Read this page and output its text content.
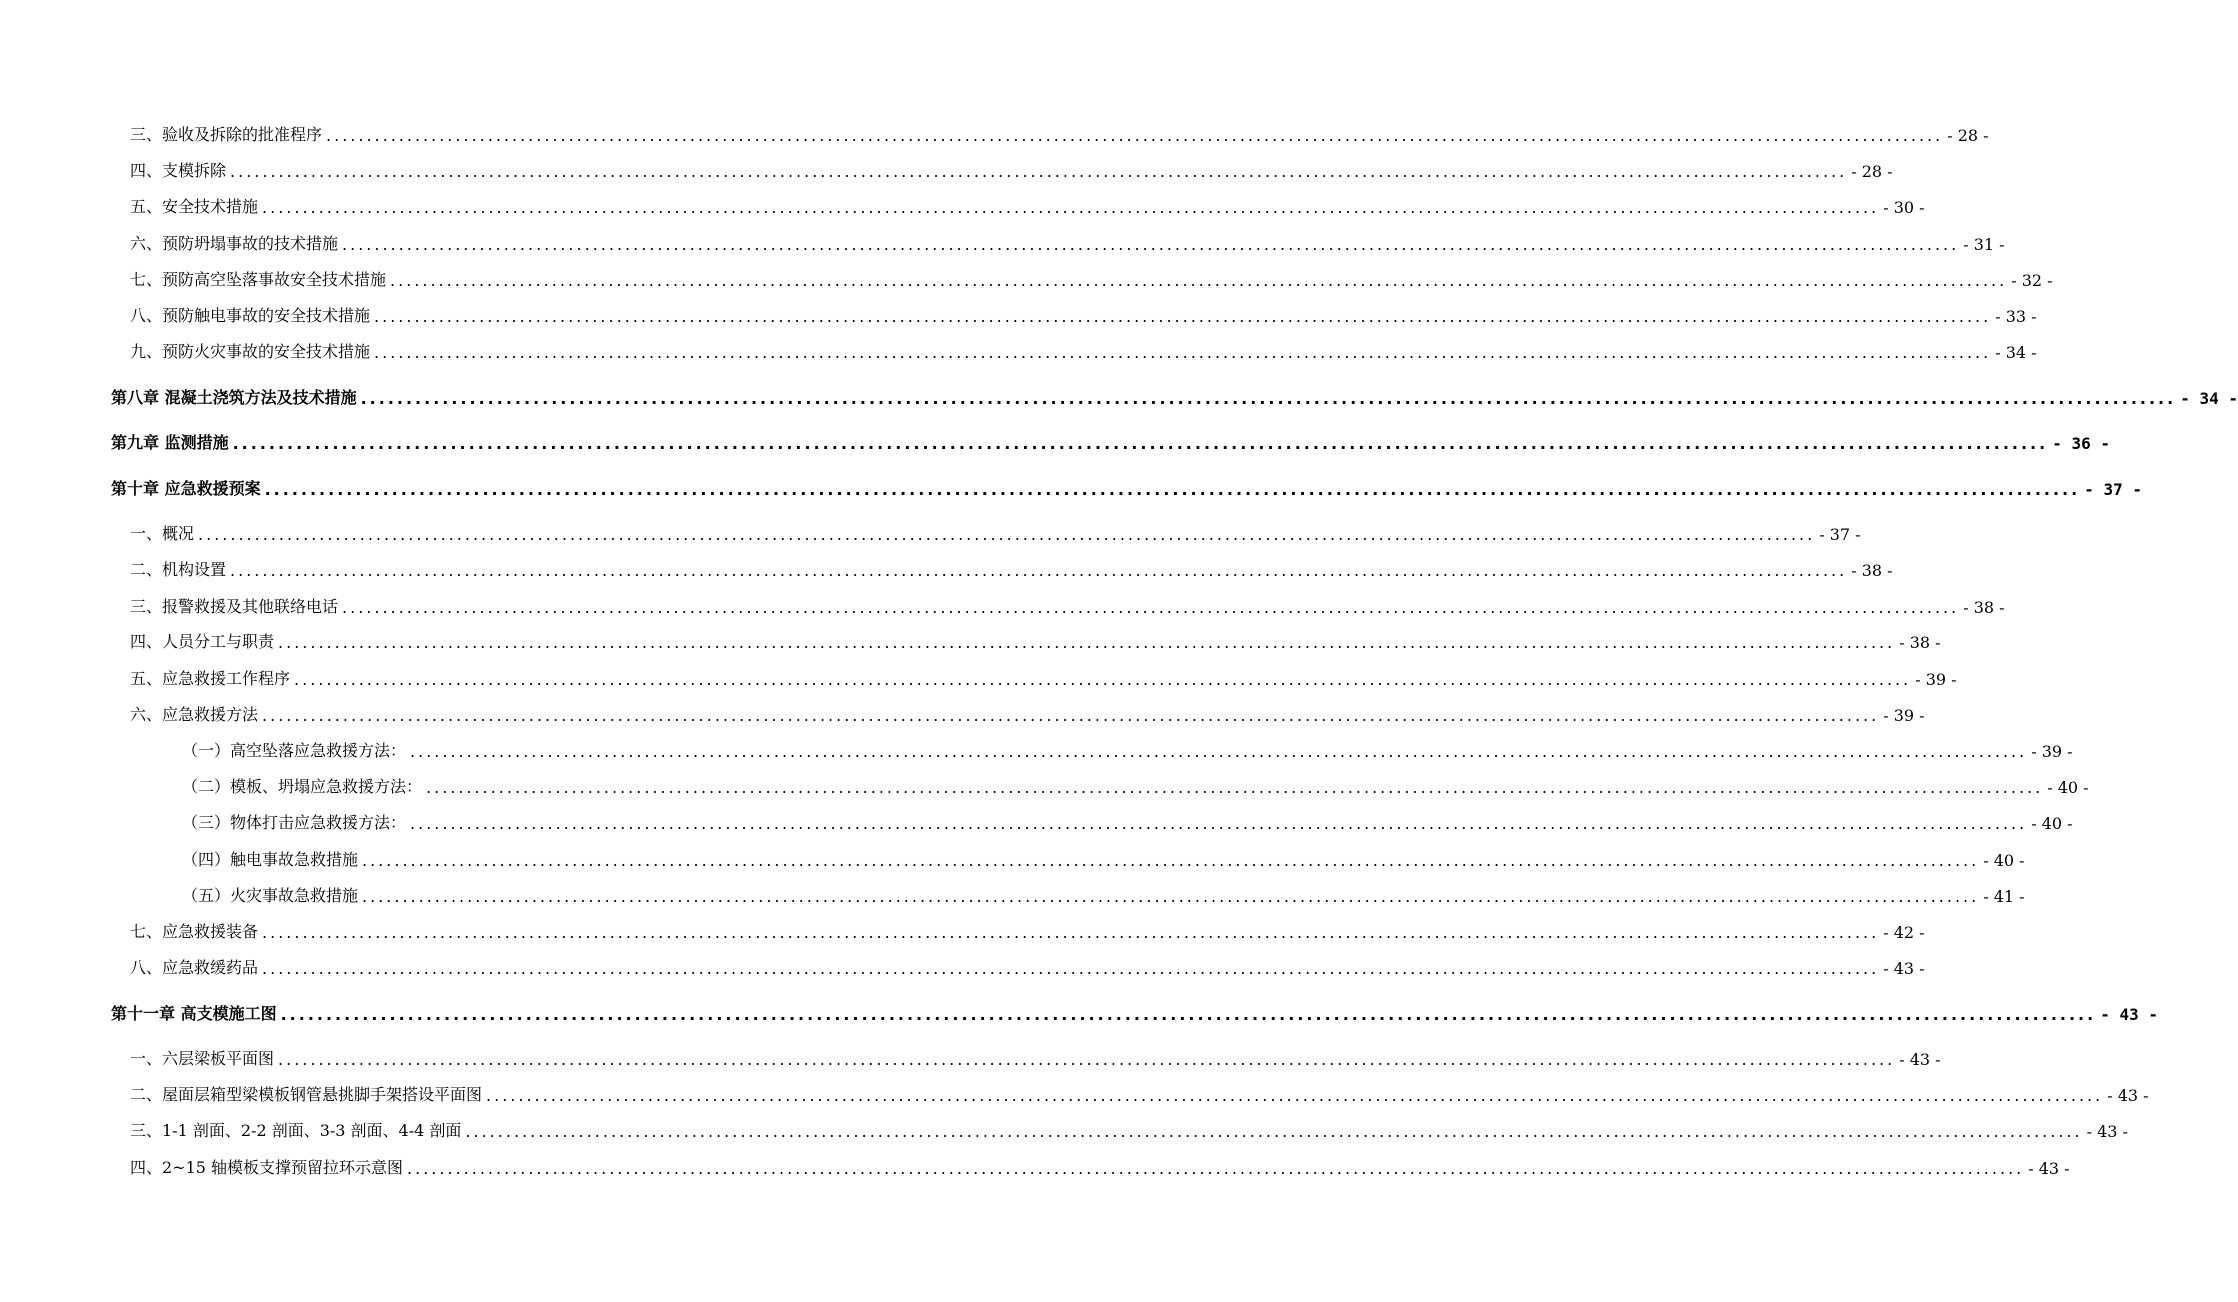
三、验收及拆除的批准程序 ........................................................................................................................................................................................................ - 28 -
四、支模拆除 ........................................................................................................................................................................................................ - 28 -
五、安全技术措施 ........................................................................................................................................................................................................ - 30 -
六、预防坍塌事故的技术措施 ........................................................................................................................................................................................................ - 31 -
七、预防高空坠落事故安全技术措施 ........................................................................................................................................................................................................ - 32 -
八、预防触电事故的安全技术措施 ........................................................................................................................................................................................................ - 33 -
九、预防火灾事故的安全技术措施 ........................................................................................................................................................................................................ - 34 -
第八章 混凝土浇筑方法及技术措施 ........................................................................................................................................................................................................ - 34 -
第九章 监测措施 ........................................................................................................................................................................................................ - 36 -
第十章 应急救援预案 ........................................................................................................................................................................................................ - 37 -
一、概况 ........................................................................................................................................................................................................ - 37 -
二、机构设置 ........................................................................................................................................................................................................ - 38 -
三、报警救援及其他联络电话 ........................................................................................................................................................................................................ - 38 -
四、人员分工与职责 ........................................................................................................................................................................................................ - 38 -
五、应急救援工作程序 ........................................................................................................................................................................................................ - 39 -
六、应急救援方法 ........................................................................................................................................................................................................ - 39 -
（一）高空坠落应急救援方法： ........................................................................................................................................................................................................ - 39 -
（二）模板、坍塌应急救援方法： ........................................................................................................................................................................................................ - 40 -
（三）物体打击应急救援方法： ........................................................................................................................................................................................................ - 40 -
（四）触电事故急救措施 ........................................................................................................................................................................................................ - 40 -
（五）火灾事故急救措施 ........................................................................................................................................................................................................ - 41 -
七、应急救援装备 ........................................................................................................................................................................................................ - 42 -
八、应急救缓药品 ........................................................................................................................................................................................................ - 43 -
第十一章 高支模施工图 ........................................................................................................................................................................................................ - 43 -
一、六层梁板平面图 ........................................................................................................................................................................................................ - 43 -
二、屋面层箱型梁模板钢管悬挑脚手架搭设平面图 ........................................................................................................................................................................................................ - 43 -
三、1-1 剖面、2-2 剖面、3-3 剖面、4-4 剖面 ........................................................................................................................................................................................................ - 43 -
四、2~15 轴模板支撑预留拉环示意图 ........................................................................................................................................................................................................ - 43 -
